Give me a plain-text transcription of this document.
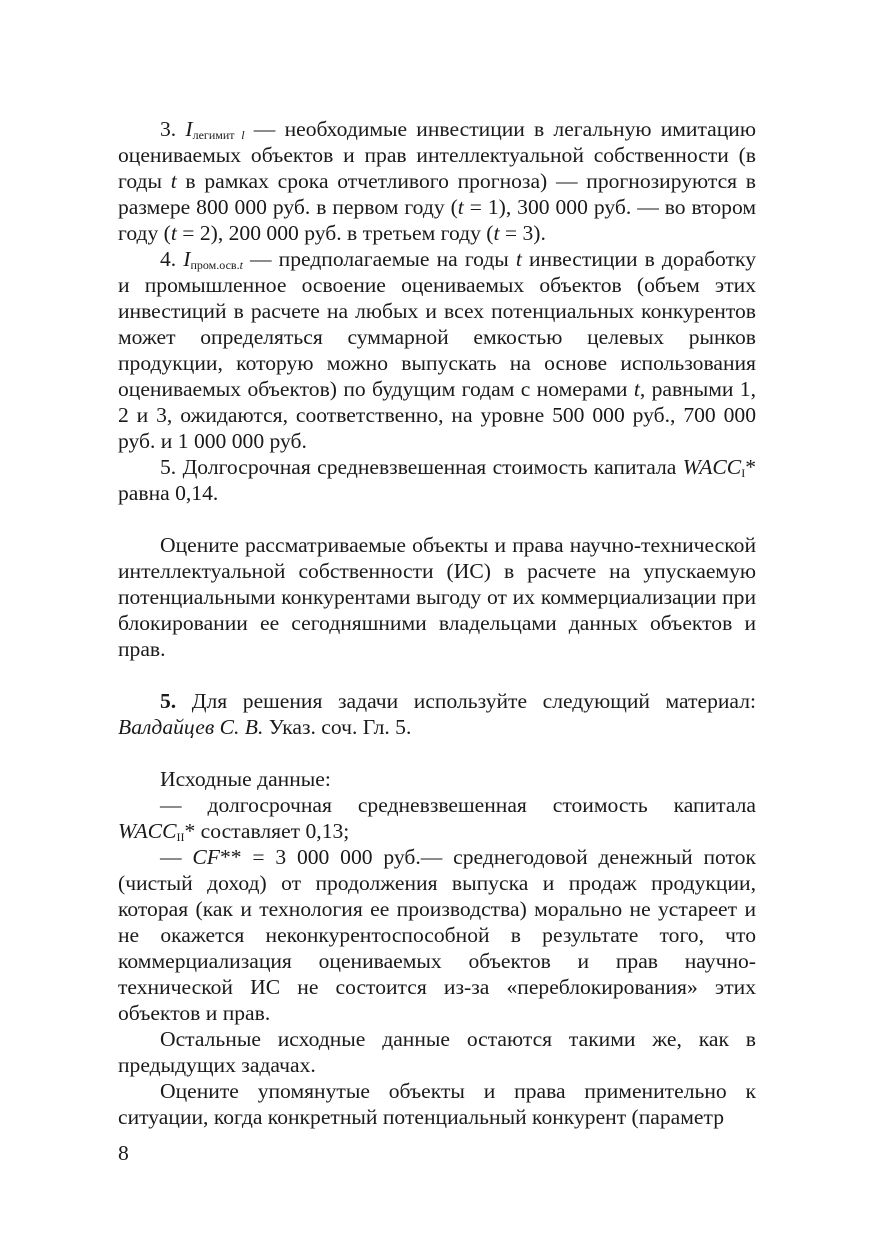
3. $I_{легимит l}$ — необходимые инвестиции в легальную имитацию оцениваемых объектов и прав интеллектуальной собственности (в годы t в рамках срока отчетливого прогноза) — прогнозируются в размере 800 000 руб. в первом году (t = 1), 300 000 руб. — во втором году (t = 2), 200 000 руб. в третьем году (t = 3).

4. $I_{пром.осв.t}$ — предполагаемые на годы t инвестиции в доработку и промышленное освоение оцениваемых объектов (объем этих инвестиций в расчете на любых и всех потенциальных конкурентов может определяться суммарной емкостью целевых рынков продукции, которую можно выпускать на основе использования оцениваемых объектов) по будущим годам с номерами t, равными 1, 2 и 3, ожидаются, соответственно, на уровне 500 000 руб., 700 000 руб. и 1 000 000 руб.

5. Долгосрочная средневзвешенная стоимость капитала $WACC_I*$ равна 0,14.

Оцените рассматриваемые объекты и права научно-технической интеллектуальной собственности (ИС) в расчете на упускаемую потенциальными конкурентами выгоду от их коммерциализации при блокировании ее сегодняшними владельцами данных объектов и прав.

5. Для решения задачи используйте следующий материал: Валдайцев С. В. Указ. соч. Гл. 5.

Исходные данные:

— долгосрочная средневзвешенная стоимость капитала $WACC_{II}*$ составляет 0,13;

— CF** = 3 000 000 руб.— среднегодовой денежный поток (чистый доход) от продолжения выпуска и продаж продукции, которая (как и технология ее производства) морально не устареет и не окажется неконкурентоспособной в результате того, что коммерциализация оцениваемых объектов и прав научно-технической ИС не состоится из-за «переблокирования» этих объектов и прав.

Остальные исходные данные остаются такими же, как в предыдущих задачах.

Оцените упомянутые объекты и права применительно к ситуации, когда конкретный потенциальный конкурент (параметр

8
